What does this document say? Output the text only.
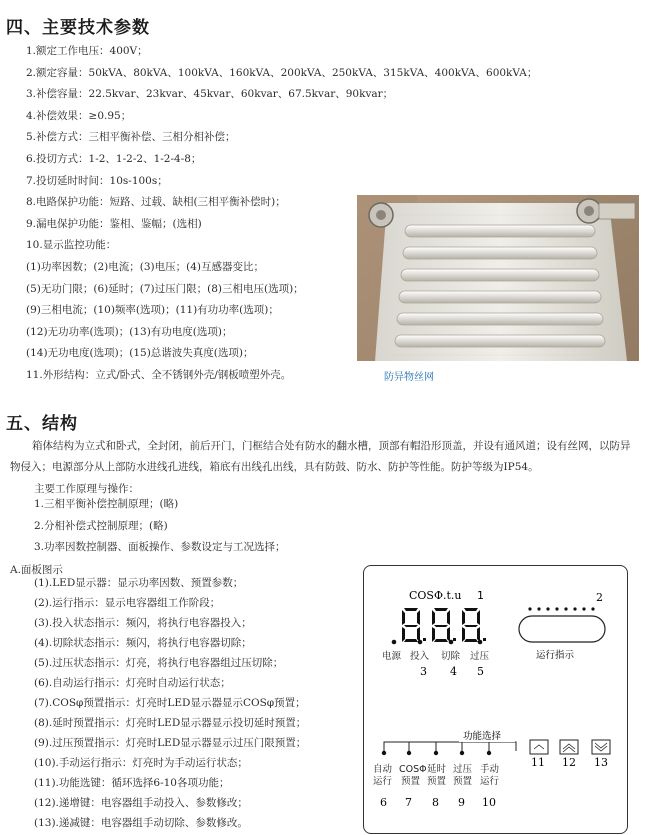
四、主要技术参数
1.额定工作电压：400V；
2.额定容量：50kVA、80kVA、100kVA、160kVA、200kVA、250kVA、315kVA、400kVA、600kVA；
3.补偿容量：22.5kvar、23kvar、45kvar、60kvar、67.5kvar、90kvar；
4.补偿效果：≥0.95；
5.补偿方式：三相平衡补偿、三相分相补偿；
6.投切方式：1-2、1-2-2、1-2-4-8；
7.投切延时时间：10s-100s；
8.电路保护功能：短路、过载、缺相(三相平衡补偿时)；
9.漏电保护功能：鉴相、鉴幅；(选相)
10.显示监控功能：
(1)功率因数；(2)电流；(3)电压；(4)互感器变比；
(5)无功门限；(6)延时；(7)过压门限；(8)三相电压(选项)；
(9)三相电流；(10)频率(选项)；(11)有功功率(选项)；
(12)无功功率(选项)；(13)有功电度(选项)；
(14)无功电度(选项)；(15)总谐波失真度(选项)；
11.外形结构：立式/卧式、全不锈钢外壳/钢板喷塑外壳。	防异物丝网
五、结构
箱体结构为立式和卧式，全封闭，前后开门，门框结合处有防水的翻水槽，顶部有帽沿形顶盖，并设有通风道；设有丝网，以防异物侵入；电源部分从上部防水进线孔进线，箱底有出线孔出线，具有防鼓、防水、防护等性能。防护等级为IP54。
主要工作原理与操作：
1.三相平衡补偿控制原理；(略)
2.分相补偿式控制原理；(略)
3.功率因数控制器、面板操作、参数设定与工况选择；
A.面板图示
(1).LED显示器：显示功率因数、预置参数；
(2).运行指示：显示电容器组工作阶段；
(3).投入状态指示：频闪，将执行电容器投入；
(4).切除状态指示：频闪，将执行电容器切除；
(5).过压状态指示：灯亮，将执行电容器组过压切除；
(6).自动运行指示：灯亮时自动运行状态；
(7).COSφ预置指示：灯亮时LED显示器显示COSφ预置；
(8).延时预置指示：灯亮时LED显示器显示投切延时预置；
(9).过压预置指示：灯亮时LED显示器显示过压门限预置；
(10).手动运行指示：灯亮时为手动运行状态；
(11).功能选键：循环选择6-10各项功能；
(12).递增键：电容器组手动投入、参数修改；
(13).递减键：电容器组手动切除、参数修改。
COSΦ.t.u 1
电源 投入 切除 过压
3 4 5
2
运行指示
功能选择
自动
运行
COSΦ
预置
延时
预置
过压
预置
手动
运行
6 7 8 9 10
11 12 13
